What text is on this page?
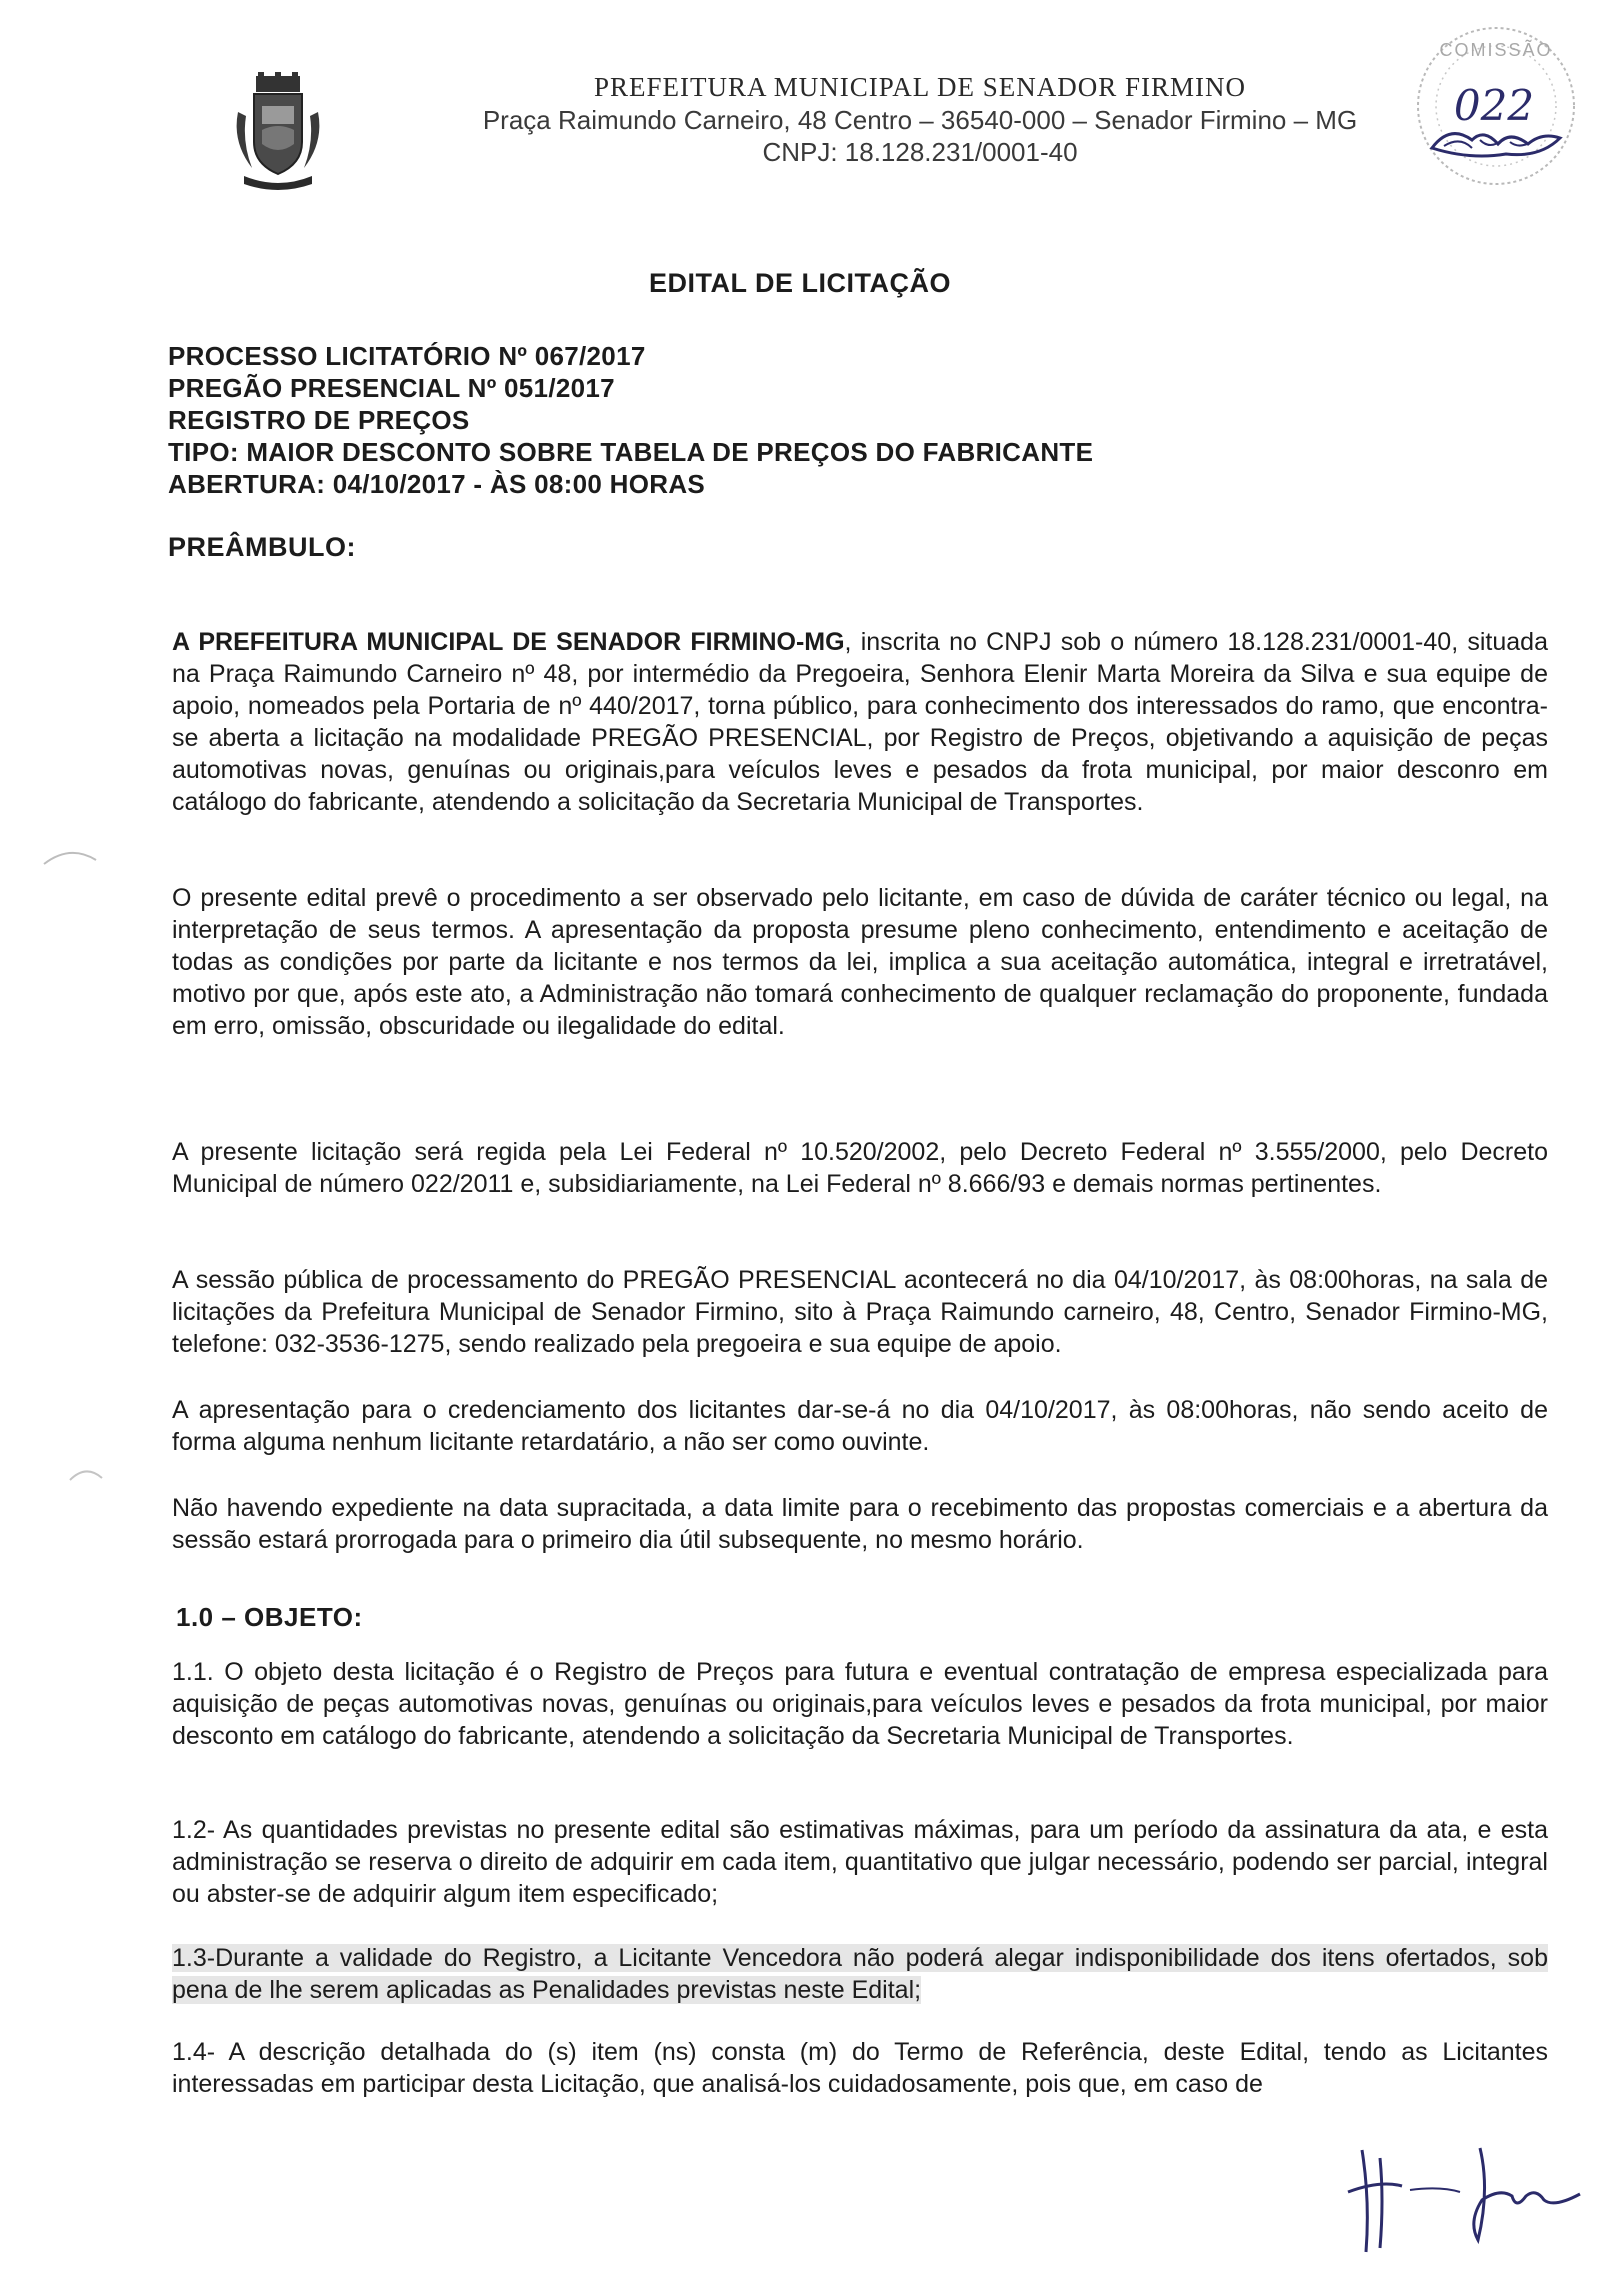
PREFEITURA MUNICIPAL DE SENADOR FIRMINO
Praça Raimundo Carneiro, 48 Centro – 36540-000 – Senador Firmino – MG
CNPJ: 18.128.231/0001-40
COMISSÃO
022
EDITAL DE LICITAÇÃO
PROCESSO LICITATÓRIO Nº 067/2017
PREGÃO PRESENCIAL Nº 051/2017
REGISTRO DE PREÇOS
TIPO: MAIOR DESCONTO SOBRE TABELA DE PREÇOS DO FABRICANTE
ABERTURA: 04/10/2017 - ÀS 08:00 HORAS
PREÂMBULO:
A PREFEITURA MUNICIPAL DE SENADOR FIRMINO-MG, inscrita no CNPJ sob o número 18.128.231/0001-40, situada na Praça Raimundo Carneiro nº 48, por intermédio da Pregoeira, Senhora Elenir Marta Moreira da Silva e sua equipe de apoio, nomeados pela Portaria de nº 440/2017, torna público, para conhecimento dos interessados do ramo, que encontra-se aberta a licitação na modalidade PREGÃO PRESENCIAL, por Registro de Preços, objetivando a aquisição de peças automotivas novas, genuínas ou originais,para veículos leves e pesados da frota municipal, por maior desconro em catálogo do fabricante, atendendo a solicitação da Secretaria Municipal de Transportes.
O presente edital prevê o procedimento a ser observado pelo licitante, em caso de dúvida de caráter técnico ou legal, na interpretação de seus termos. A apresentação da proposta presume pleno conhecimento, entendimento e aceitação de todas as condições por parte da licitante e nos termos da lei, implica a sua aceitação automática, integral e irretratável, motivo por que, após este ato, a Administração não tomará conhecimento de qualquer reclamação do proponente, fundada em erro, omissão, obscuridade ou ilegalidade do edital.
A presente licitação será regida pela Lei Federal nº 10.520/2002, pelo Decreto Federal nº 3.555/2000, pelo Decreto Municipal de número 022/2011 e, subsidiariamente, na Lei Federal nº 8.666/93 e demais normas pertinentes.
A sessão pública de processamento do PREGÃO PRESENCIAL acontecerá no dia 04/10/2017, às 08:00horas, na sala de licitações da Prefeitura Municipal de Senador Firmino, sito à Praça Raimundo carneiro, 48, Centro, Senador Firmino-MG, telefone: 032-3536-1275, sendo realizado pela pregoeira e sua equipe de apoio.
A apresentação para o credenciamento dos licitantes dar-se-á no dia 04/10/2017, às 08:00horas, não sendo aceito de forma alguma nenhum licitante retardatário, a não ser como ouvinte.
Não havendo expediente na data supracitada, a data limite para o recebimento das propostas comerciais e a abertura da sessão estará prorrogada para o primeiro dia útil subsequente, no mesmo horário.
1.0 – OBJETO:
1.1. O objeto desta licitação é o Registro de Preços para futura e eventual contratação de empresa especializada para aquisição de peças automotivas novas, genuínas ou originais,para veículos leves e pesados da frota municipal, por maior desconto em catálogo do fabricante, atendendo a solicitação da Secretaria Municipal de Transportes.
1.2- As quantidades previstas no presente edital são estimativas máximas, para um período da assinatura da ata, e esta administração se reserva o direito de adquirir em cada item, quantitativo que julgar necessário, podendo ser parcial, integral ou abster-se de adquirir algum item especificado;
1.3-Durante a validade do Registro, a Licitante Vencedora não poderá alegar indisponibilidade dos itens ofertados, sob pena de lhe serem aplicadas as Penalidades previstas neste Edital;
1.4- A descrição detalhada do (s) item (ns) consta (m) do Termo de Referência, deste Edital, tendo as Licitantes interessadas em participar desta Licitação, que analisá-los cuidadosamente, pois que, em caso de
